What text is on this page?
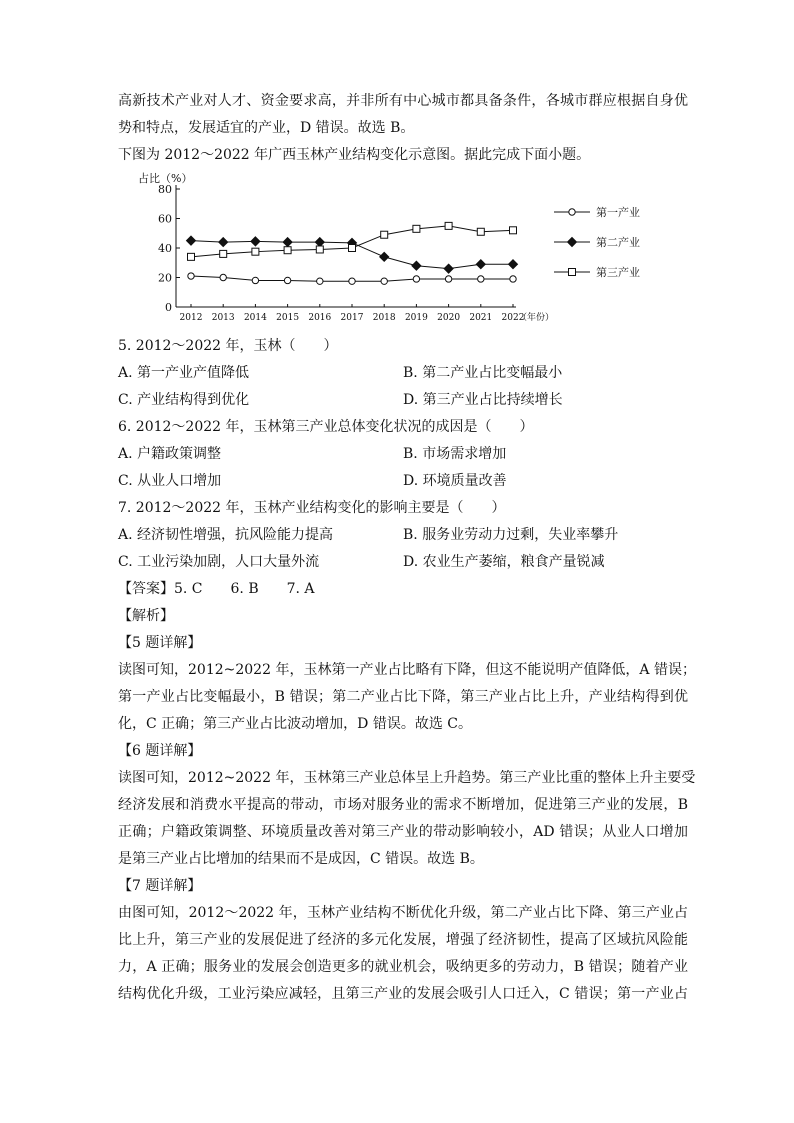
高新技术产业对人才、资金要求高，并非所有中心城市都具备条件，各城市群应根据自身优

势和特点，发展适宜的产业，D 错误。故选 B。

下图为 2012～2022 年广西玉林产业结构变化示意图。据此完成下面小题。

0
20
40
60
80
占比（%）
2012 2013 2014 2015 2016 2017 2018 2019 2020 2021 2022
（年份）
第一产业
第二产业
第三产业

5. 2012～2022 年，玉林（　　）

A. 第一产业产值降低	B. 第二产业占比变幅最小
C. 产业结构得到优化	D. 第三产业占比持续增长

6. 2012～2022 年，玉林第三产业总体变化状况的成因是（　　）

A. 户籍政策调整	B. 市场需求增加
C. 从业人口增加	D. 环境质量改善

7. 2012～2022 年，玉林产业结构变化的影响主要是（　　）

A. 经济韧性增强，抗风险能力提高	B. 服务业劳动力过剩，失业率攀升
C. 工业污染加剧，人口大量外流	D. 农业生产萎缩，粮食产量锐减

【答案】5. C　　6. B　　7. A

【解析】

【5 题详解】

读图可知，2012~2022 年，玉林第一产业占比略有下降，但这不能说明产值降低，A 错误；

第一产业占比变幅最小，B 错误；第二产业占比下降，第三产业占比上升，产业结构得到优

化，C 正确；第三产业占比波动增加，D 错误。故选 C。

【6 题详解】

读图可知，2012~2022 年，玉林第三产业总体呈上升趋势。第三产业比重的整体上升主要受

经济发展和消费水平提高的带动，市场对服务业的需求不断增加，促进第三产业的发展，B

正确；户籍政策调整、环境质量改善对第三产业的带动影响较小，AD 错误；从业人口增加

是第三产业占比增加的结果而不是成因，C 错误。故选 B。

【7 题详解】

由图可知，2012～2022 年，玉林产业结构不断优化升级，第二产业占比下降、第三产业占

比上升，第三产业的发展促进了经济的多元化发展，增强了经济韧性，提高了区域抗风险能

力，A 正确；服务业的发展会创造更多的就业机会，吸纳更多的劳动力，B 错误；随着产业

结构优化升级，工业污染应减轻，且第三产业的发展会吸引人口迁入，C 错误；第一产业占
